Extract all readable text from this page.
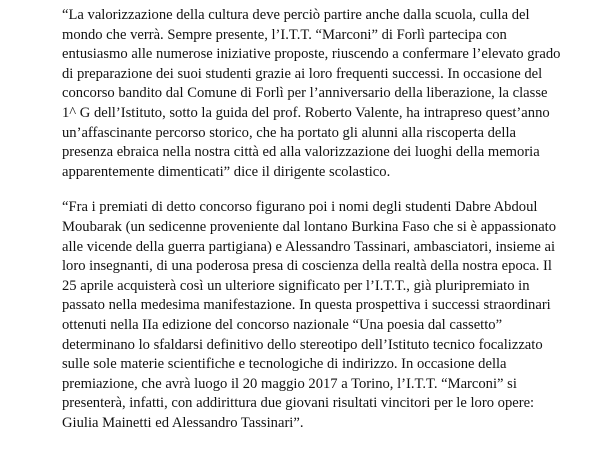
“La valorizzazione della cultura deve perciò partire anche dalla scuola, culla del
mondo che verrà. Sempre presente, l’I.T.T. “Marconi” di Forlì partecipa con
entusiasmo alle numerose iniziative proposte, riuscendo a confermare l’elevato grado
di preparazione dei suoi studenti grazie ai loro frequenti successi. In occasione del
concorso bandito dal Comune di Forlì per l’anniversario della liberazione, la classe
1^ G dell’Istituto, sotto la guida del prof. Roberto Valente, ha intrapreso quest’anno
un’affascinante percorso storico, che ha portato gli alunni alla riscoperta della
presenza ebraica nella nostra città ed alla valorizzazione dei luoghi della memoria
apparentemente dimenticati” dice il dirigente scolastico.

“Fra i premiati di detto concorso figurano poi i nomi degli studenti Dabre Abdoul
Moubarak (un sedicenne proveniente dal lontano Burkina Faso che si è appassionato
alle vicende della guerra partigiana) e Alessandro Tassinari, ambasciatori, insieme ai
loro insegnanti, di una poderosa presa di coscienza della realtà della nostra epoca. Il
25 aprile acquisterà così un ulteriore significato per l’I.T.T., già pluripremiato in
passato nella medesima manifestazione. In questa prospettiva i successi straordinari
ottenuti nella IIa edizione del concorso nazionale “Una poesia dal cassetto”
determinano lo sfaldarsi definitivo dello stereotipo dell’Istituto tecnico focalizzato
sulle sole materie scientifiche e tecnologiche di indirizzo. In occasione della
premiazione, che avrà luogo il 20 maggio 2017 a Torino, l’I.T.T. “Marconi” si
presenterà, infatti, con addirittura due giovani risultati vincitori per le loro opere:
Giulia Mainetti ed Alessandro Tassinari”.
